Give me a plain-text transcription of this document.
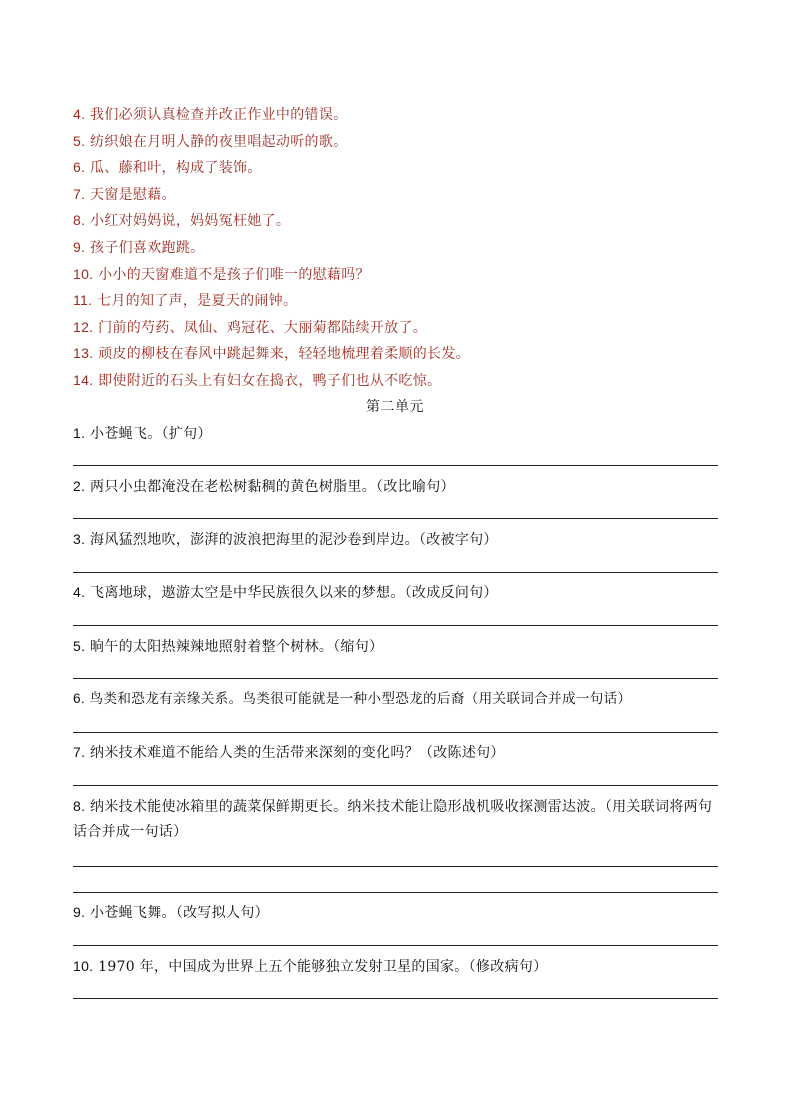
4. 我们必须认真检查并改正作业中的错误。
5. 纺织娘在月明人静的夜里唱起动听的歌。
6. 瓜、藤和叶，构成了装饰。
7. 天窗是慰藉。
8. 小红对妈妈说，妈妈冤枉她了。
9. 孩子们喜欢跑跳。
10. 小小的天窗难道不是孩子们唯一的慰藉吗？
11. 七月的知了声，是夏天的闹钟。
12. 门前的芍药、凤仙、鸡冠花、大丽菊都陆续开放了。
13. 顽皮的柳枝在春风中跳起舞来，轻轻地梳理着柔顺的长发。
14. 即使附近的石头上有妇女在捣衣，鸭子们也从不吃惊。
第二单元
1. 小苍蝇飞。（扩句）
2. 两只小虫都淹没在老松树黏稠的黄色树脂里。（改比喻句）
3. 海风猛烈地吹，澎湃的波浪把海里的泥沙卷到岸边。（改被字句）
4. 飞离地球，遨游太空是中华民族很久以来的梦想。（改成反问句）
5. 晌午的太阳热辣辣地照射着整个树林。（缩句）
6. 鸟类和恐龙有亲缘关系。鸟类很可能就是一种小型恐龙的后裔（用关联词合并成一句话）
7. 纳米技术难道不能给人类的生活带来深刻的变化吗？（改陈述句）
8. 纳米技术能使冰箱里的蔬菜保鲜期更长。纳米技术能让隐形战机吸收探测雷达波。（用关联词将两句话合并成一句话）
9. 小苍蝇飞舞。（改写拟人句）
10. 1970 年，中国成为世界上五个能够独立发射卫星的国家。（修改病句）
